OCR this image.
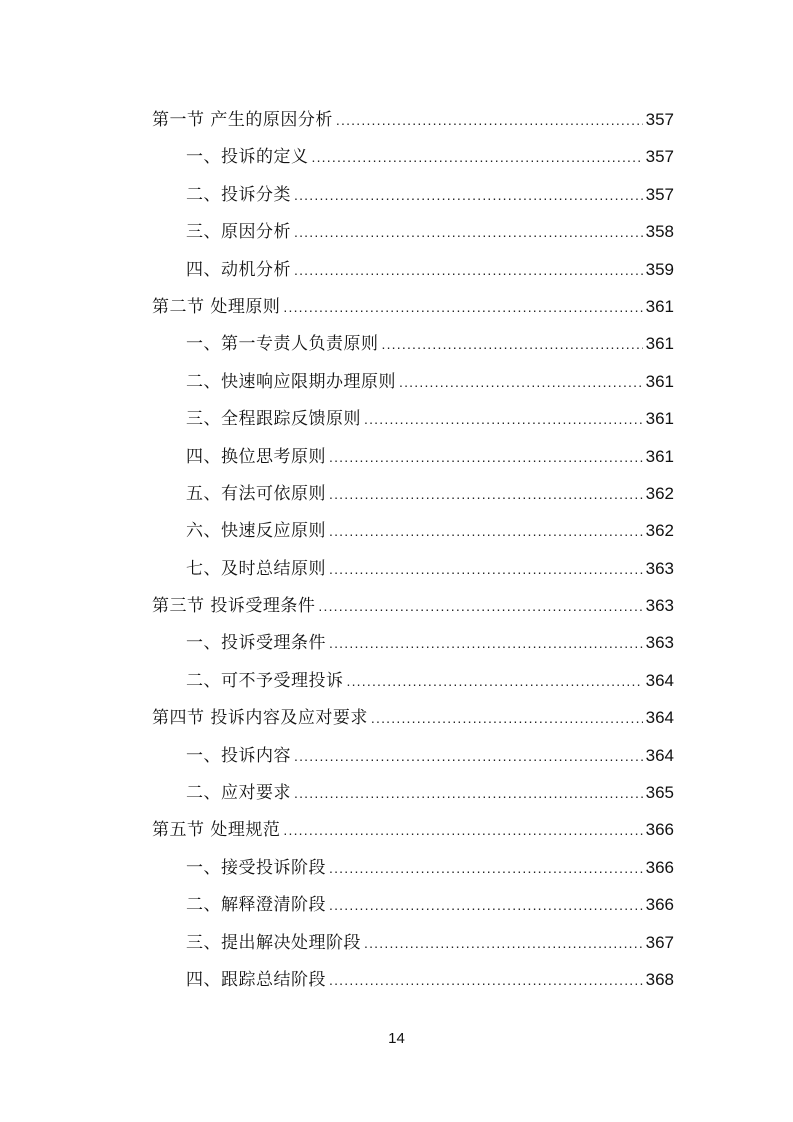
第一节 产生的原因分析 .....	357
一、投诉的定义 .....	357
二、投诉分类 .....	357
三、原因分析 .....	358
四、动机分析 .....	359
第二节 处理原则 .....	361
一、第一专责人负责原则 .....	361
二、快速响应限期办理原则 .....	361
三、全程跟踪反馈原则 .....	361
四、换位思考原则 .....	361
五、有法可依原则 .....	362
六、快速反应原则 .....	362
七、及时总结原则 .....	363
第三节 投诉受理条件 .....	363
一、投诉受理条件 .....	363
二、可不予受理投诉 .....	364
第四节 投诉内容及应对要求 .....	364
一、投诉内容 .....	364
二、应对要求 .....	365
第五节 处理规范 .....	366
一、接受投诉阶段 .....	366
二、解释澄清阶段 .....	366
三、提出解决处理阶段 .....	367
四、跟踪总结阶段 .....	368
14
